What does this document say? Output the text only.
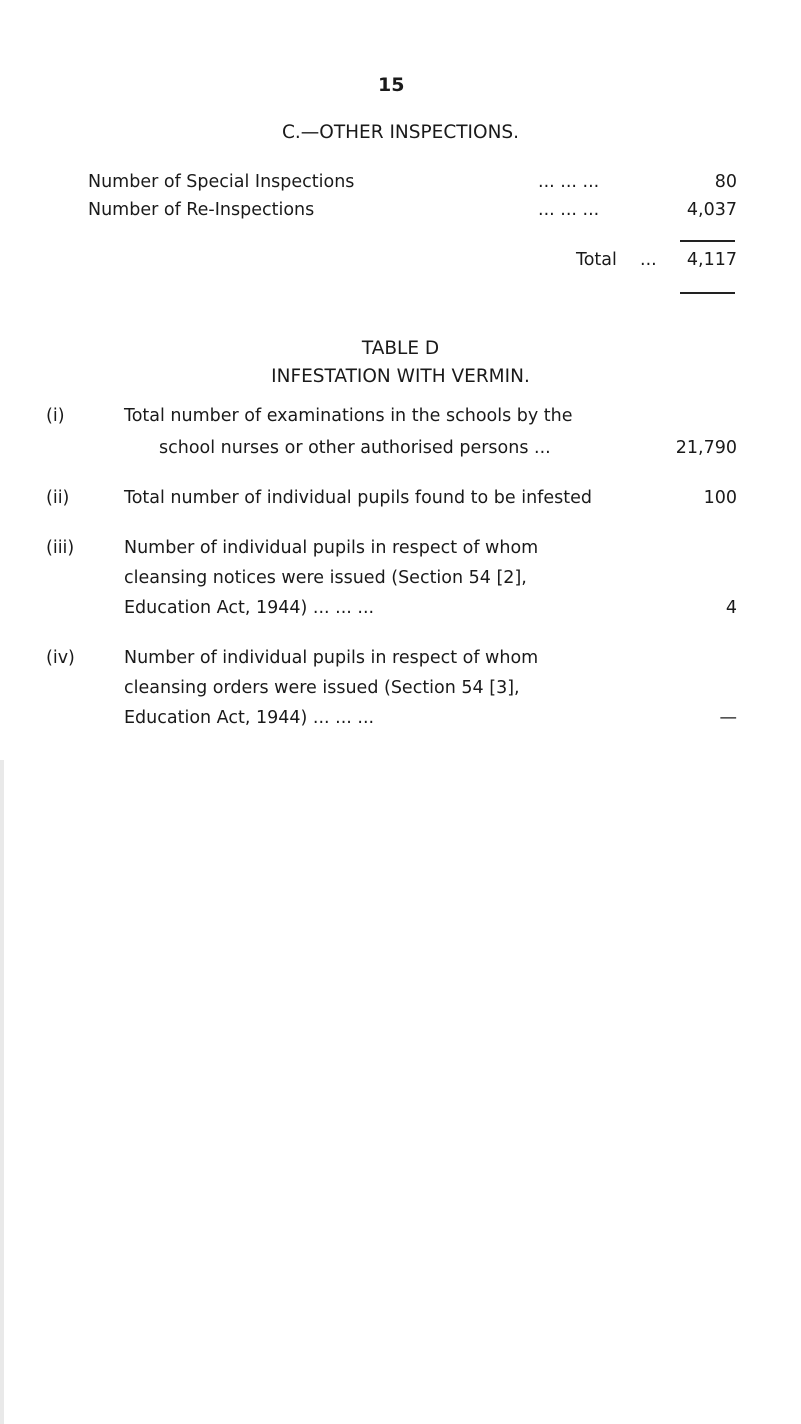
15
C.—OTHER INSPECTIONS.
Number of Special Inspections	... ... ...	80
Number of Re-Inspections	... ... ...	4,037
Total ...	4,117
TABLE D
INFESTATION WITH VERMIN.
(i)	Total number of examinations in the schools by the
school nurses or other authorised persons ...	21,790
(ii)	Total number of individual pupils found to be infested	100
(iii)	Number of individual pupils in respect of whom
cleansing notices were issued (Section 54 [2],
Education Act, 1944) ... ... ...	4
(iv)	Number of individual pupils in respect of whom
cleansing orders were issued (Section 54 [3],
Education Act, 1944) ... ... ...	—
